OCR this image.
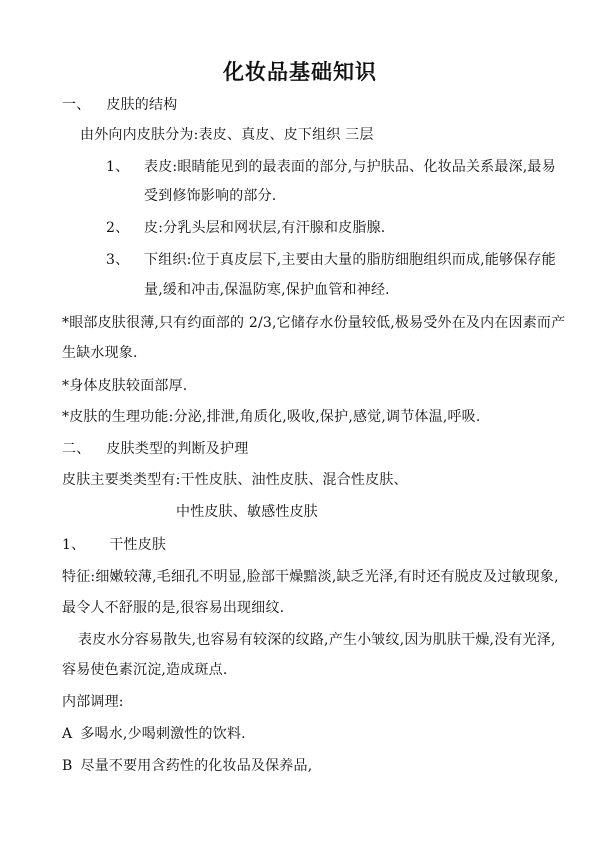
化妆品基础知识
一、 皮肤的结构
由外向内皮肤分为:表皮、真皮、皮下组织 三层
1、 表皮:眼睛能见到的最表面的部分,与护肤品、化妆品关系最深,最易
受到修饰影响的部分.
2、 皮:分乳头层和网状层,有汗腺和皮脂腺.
3、 下组织:位于真皮层下,主要由大量的脂肪细胞组织而成,能够保存能
量,缓和冲击,保温防寒,保护血管和神经.
*眼部皮肤很薄,只有约面部的 2/3,它储存水份量较低,极易受外在及内在因素而产
生缺水现象.
*身体皮肤较面部厚.
*皮肤的生理功能:分泌,排泄,角质化,吸收,保护,感觉,调节体温,呼吸.
二、 皮肤类型的判断及护理
皮肤主要类类型有:干性皮肤、油性皮肤、混合性皮肤、
中性皮肤、敏感性皮肤
1、 干性皮肤
特征:细嫩较薄,毛细孔不明显,脸部干燥黯淡,缺乏光泽,有时还有脱皮及过敏现象,
最令人不舒服的是,很容易出现细纹.
表皮水分容易散失,也容易有较深的纹路,产生小皱纹,因为肌肤干燥,没有光泽,
容易使色素沉淀,造成斑点.
内部调理:
A 多喝水,少喝刺激性的饮料.
B 尽量不要用含药性的化妆品及保养品,
